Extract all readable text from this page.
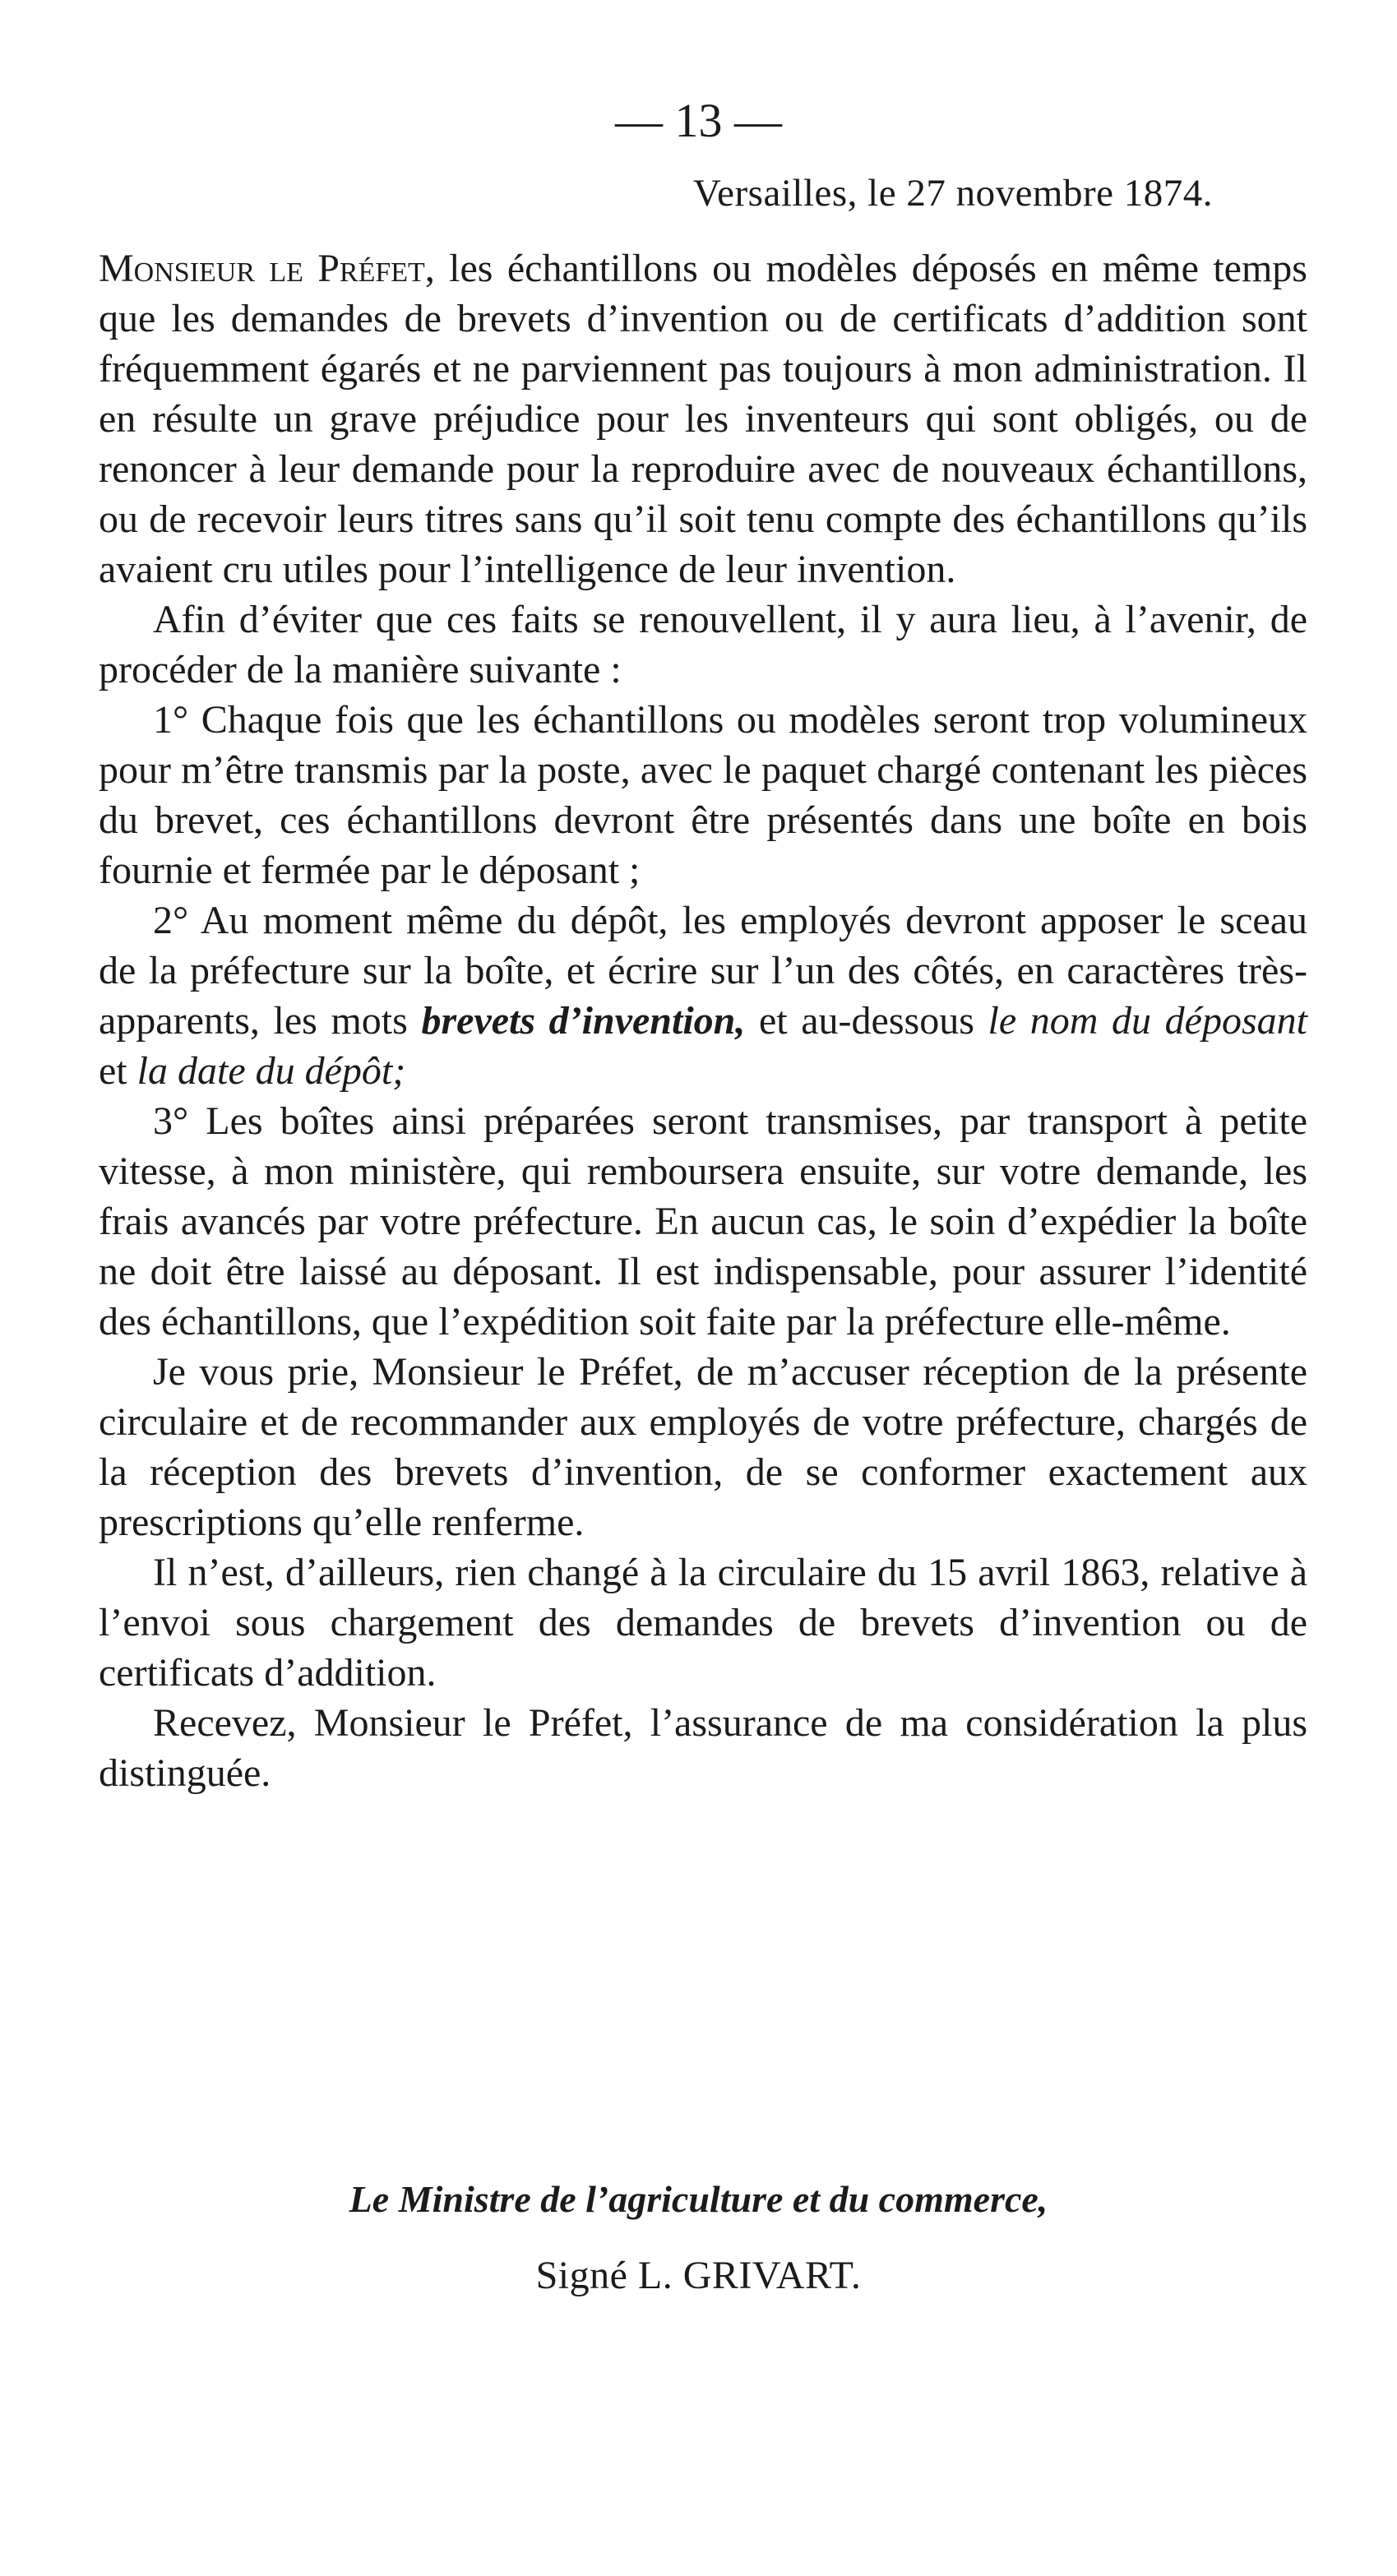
— 13 —
Versailles, le 27 novembre 1874.

Monsieur le Préfet, les échantillons ou modèles déposés en même temps que les demandes de brevets d’invention ou de certificats d’addition sont fréquemment égarés et ne parviennent pas toujours à mon administration. Il en résulte un grave préjudice pour les inventeurs qui sont obligés, ou de renoncer à leur demande pour la reproduire avec de nouveaux échantillons, ou de recevoir leurs titres sans qu’il soit tenu compte des échantillons qu’ils avaient cru utiles pour l’intelligence de leur invention.

Afin d’éviter que ces faits se renouvellent, il y aura lieu, à l’avenir, de procéder de la manière suivante :

1° Chaque fois que les échantillons ou modèles seront trop volumineux pour m’être transmis par la poste, avec le paquet chargé contenant les pièces du brevet, ces échantillons devront être présentés dans une boîte en bois fournie et fermée par le déposant ;

2° Au moment même du dépôt, les employés devront apposer le sceau de la préfecture sur la boîte, et écrire sur l’un des côtés, en caractères très-apparents, les mots brevets d’invention, et au-dessous le nom du déposant et la date du dépôt;

3° Les boîtes ainsi préparées seront transmises, par transport à petite vitesse, à mon ministère, qui remboursera ensuite, sur votre demande, les frais avancés par votre préfecture. En aucun cas, le soin d’expédier la boîte ne doit être laissé au déposant. Il est indispensable, pour assurer l’identité des échantillons, que l’expédition soit faite par la préfecture elle-même.

Je vous prie, Monsieur le Préfet, de m’accuser réception de la présente circulaire et de recommander aux employés de votre préfecture, chargés de la réception des brevets d’invention, de se conformer exactement aux prescriptions qu’elle renferme.

Il n’est, d’ailleurs, rien changé à la circulaire du 15 avril 1863, relative à l’envoi sous chargement des demandes de brevets d’invention ou de certificats d’addition.

Recevez, Monsieur le Préfet, l’assurance de ma considération la plus distinguée.

Le Ministre de l’agriculture et du commerce,
Signé L. GRIVART.
